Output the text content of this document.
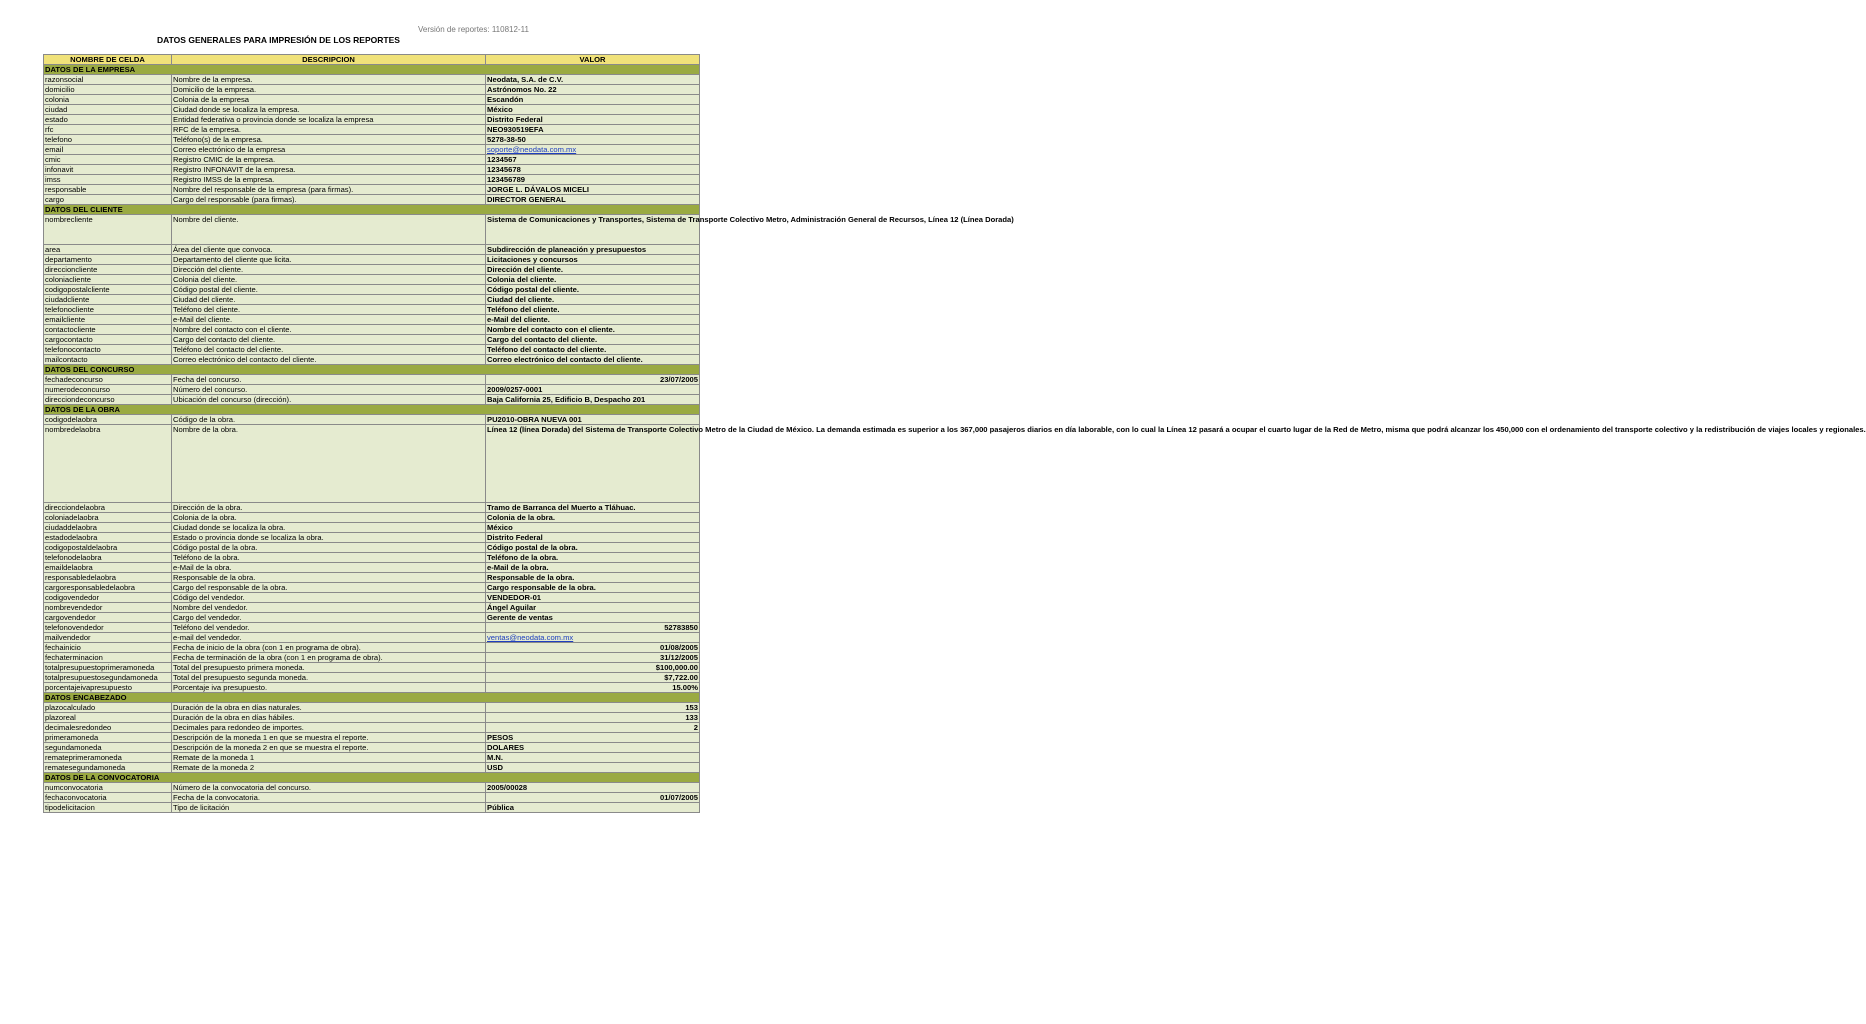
Versión de reportes: 110812-11
DATOS GENERALES PARA IMPRESIÓN DE LOS REPORTES
NOMBRE DE CELDA	DESCRIPCION	VALOR
DATOS DE LA EMPRESA		
razonsocial	Nombre de la empresa.	Neodata, S.A. de C.V.
domicilio	Domicilio de la empresa.	Astrónomos No. 22
colonia	Colonia de la empresa	Escandón
ciudad	Ciudad donde se localiza la empresa.	México
estado	Entidad federativa o provincia donde se localiza la empresa	Distrito Federal
rfc	RFC de la empresa.	NEO930519EFA
telefono	Teléfono(s) de la empresa.	5278-38-50
email	Correo electrónico de la empresa	soporte@neodata.com.mx
cmic	Registro CMIC de la empresa.	1234567
infonavit	Registro INFONAVIT de la empresa.	12345678
imss	Registro IMSS de la empresa.	123456789
responsable	Nombre del responsable de la empresa (para firmas).	JORGE L. DÁVALOS MICELI
cargo	Cargo del responsable (para firmas).	DIRECTOR GENERAL
DATOS DEL CLIENTE		
nombrecliente	Nombre del cliente.	Sistema de Comunicaciones y Transportes, Sistema de Transporte Colectivo Metro, Administración General de Recursos, Línea 12 (Línea Dorada)
area	Área del cliente que convoca.	Subdirección de planeación y presupuestos
departamento	Departamento del cliente que licita.	Licitaciones y concursos
direccioncliente	Dirección del cliente.	Dirección del cliente.
coloniacliente	Colonia del cliente.	Colonia del cliente.
codigopostalcliente	Código postal del cliente.	Código postal del cliente.
ciudadcliente	Ciudad del cliente.	Ciudad del cliente.
telefonocliente	Teléfono del cliente.	Teléfono del cliente.
emailcliente	e-Mail del cliente.	e-Mail del cliente.
contactocliente	Nombre del contacto con el cliente.	Nombre del contacto con el cliente.
cargocontacto	Cargo del contacto del cliente.	Cargo del contacto del cliente.
telefonocontacto	Teléfono del contacto del cliente.	Teléfono del contacto del cliente.
mailcontacto	Correo electrónico del contacto del cliente.	Correo electrónico del contacto del cliente.
DATOS DEL CONCURSO		
fechadeconcurso	Fecha del concurso.	23/07/2005
numerodeconcurso	Número del concurso.	2009/0257-0001
direcciondeconcurso	Ubicación del concurso (dirección).	Baja California 25, Edificio B, Despacho 201
DATOS DE LA OBRA		
codigodelaobra	Código de la obra.	PU2010-OBRA NUEVA 001
nombredelaobra	Nombre de la obra.	Línea 12 (línea Dorada) del Sistema de Transporte Colectivo Metro de la Ciudad de México. La demanda estimada es superior a los 367,000 pasajeros diarios en día laborable, con lo cual la Línea 12 pasará a ocupar el cuarto lugar de la Red de Metro, misma que podrá alcanzar los 450,000 con el ordenamiento del transporte colectivo y la redistribución de viajes locales y regionales.
direcciondelaobra	Dirección de la obra.	Tramo de Barranca del Muerto a Tláhuac.
coloniadelaobra	Colonia de la obra.	Colonia de la obra.
ciudaddelaobra	Ciudad donde se localiza la obra.	México
estadodelaobra	Estado o provincia donde se localiza la obra.	Distrito Federal
codigopostaldelaobra	Código postal de la obra.	Código postal de la obra.
telefonodelaobra	Teléfono de la obra.	Teléfono de la obra.
emaildelaobra	e-Mail de la obra.	e-Mail de la obra.
responsabledelaobra	Responsable de la obra.	Responsable de la obra.
cargoresponsabledelaobra	Cargo del responsable de la obra.	Cargo responsable de la obra.
codigovendedor	Código del vendedor.	VENDEDOR-01
nombrevendedor	Nombre del vendedor.	Ángel Aguilar
cargovendedor	Cargo del vendedor.	Gerente de ventas
telefonovendedor	Teléfono del vendedor.	52783850
mailvendedor	e-mail del vendedor.	ventas@neodata.com.mx
fechainicio	Fecha de inicio de la obra (con 1 en programa de obra).	01/08/2005
fechaterminacion	Fecha de terminación de la obra (con 1 en programa de obra).	31/12/2005
totalpresupuestoprimeramoneda	Total del presupuesto primera moneda.	$100,000.00
totalpresupuestosegundamoneda	Total del presupuesto segunda moneda.	$7,722.00
porcentajeivapresupuesto	Porcentaje iva presupuesto.	15.00%
DATOS ENCABEZADO		
plazocalculado	Duración de la obra en días naturales.	153
plazoreal	Duración de la obra en días hábiles.	133
decimalesredondeo	Decimales para redondeo de importes.	2
primeramoneda	Descripción de la moneda 1 en que se muestra el reporte.	PESOS
segundamoneda	Descripción de la moneda 2 en que se muestra el reporte.	DOLARES
remateprimeramoneda	Remate de la moneda 1	M.N.
rematesegundamoneda	Remate de la moneda 2	USD
DATOS DE LA CONVOCATORIA		
numconvocatoria	Número de la convocatoria del concurso.	2005/00028
fechaconvocatoria	Fecha de la convocatoria.	01/07/2005
tipodelicitacion	Tipo de licitación	Pública
